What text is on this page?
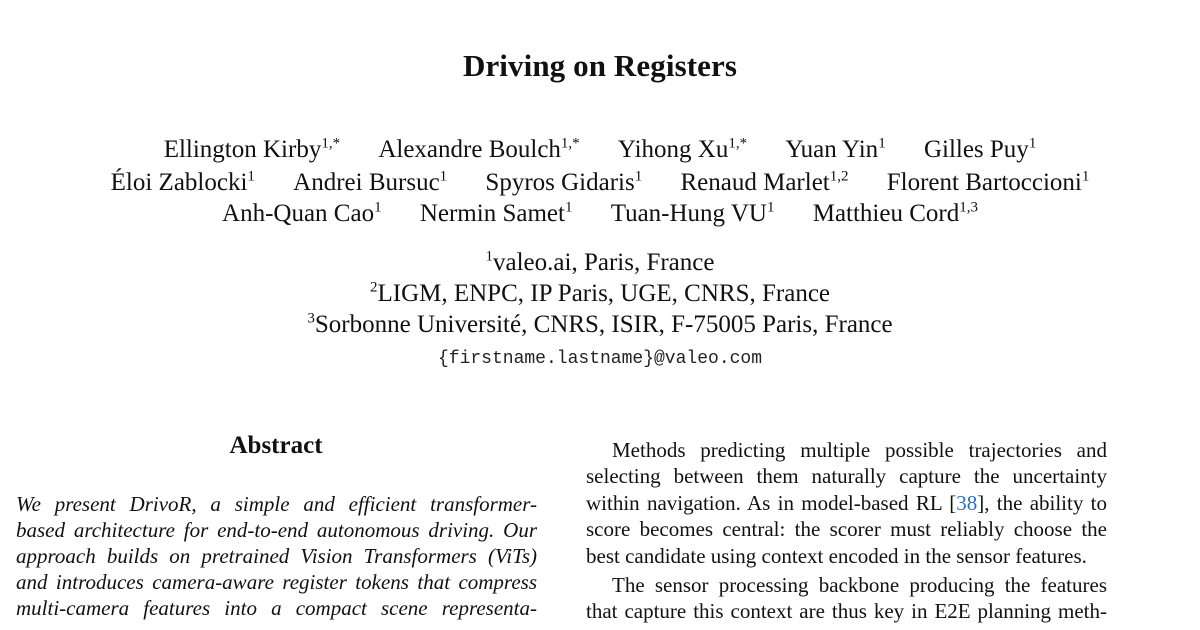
Driving on Registers
Ellington Kirby$^{1,*}$ Alexandre Boulch$^{1,*}$ Yihong $Xu^{1,*}$ Yuan Yin$^1$ Gilles Puy$^1$
Éloi Zablocki$^1$ Andrei Bursuc$^1$ Spyros Gidaris$^1$ Renaud Marlet$^{1,2}$ Florent Bartoccioni$^1$
Anh-Quan Cao$^1$ Nermin Samet$^1$ Tuan-Hung $VU^1$ Matthieu Cord$^{1,3}$
$^1$valeo.ai, Paris, France
$^2$LIGM, ENPC, IP Paris, UGE, CNRS, France
$^3$Sorbonne Université, CNRS, ISIR, F-75005 Paris, France
{firstname.lastname}@valeo.com
Abstract
We present DrivoR, a simple and efficient transformer-
based architecture for end-to-end autonomous driving. Our
approach builds on pretrained Vision Transformers (ViTs)
and introduces camera-aware register tokens that compress
multi-camera features into a compact scene representa-
Methods predicting multiple possible trajectories and
selecting between them naturally capture the uncertainty
within navigation. As in model-based RL [38], the ability to
score becomes central: the scorer must reliably choose the
best candidate using context encoded in the sensor features.
The sensor processing backbone producing the features
that capture this context are thus key in E2E planning meth-
